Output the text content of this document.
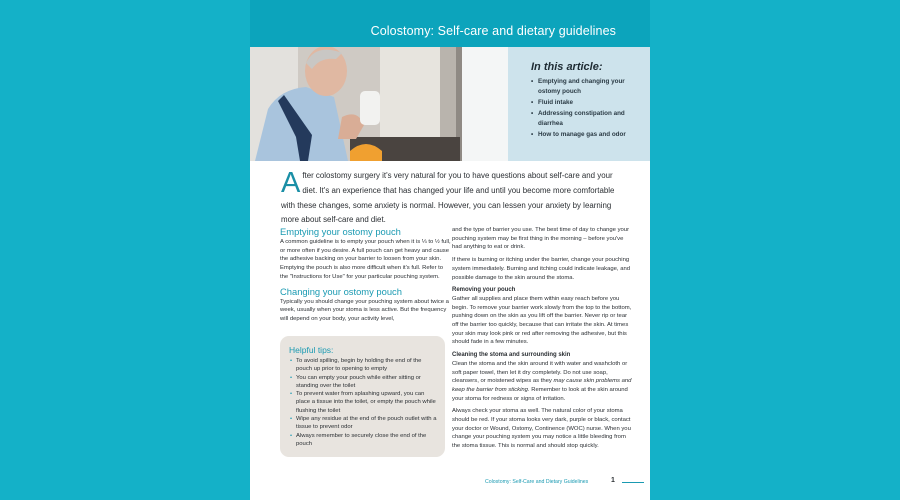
Colostomy: Self-care and dietary guidelines
In this article:
• Emptying and changing your ostomy pouch
• Fluid intake
• Addressing constipation and diarrhea
• How to manage gas and odor
After colostomy surgery it's very natural for you to have questions about self-care and your diet. It's an experience that has changed your life and until you become more comfortable with these changes, some anxiety is normal. However, you can lessen your anxiety by learning more about self-care and diet.
Emptying your ostomy pouch
A common guideline is to empty your pouch when it is ⅓ to ½ full, or more often if you desire. A full pouch can get heavy and cause the adhesive backing on your barrier to loosen from your skin. Emptying the pouch is also more difficult when it's full. Refer to the "Instructions for Use" for your particular pouching system.
Changing your ostomy pouch
Typically you should change your pouching system about twice a week, usually when your stoma is less active. But the frequency will depend on your body, your activity level,
Helpful tips:
• To avoid spilling, begin by holding the end of the pouch up prior to opening to empty
• You can empty your pouch while either sitting or standing over the toilet
• To prevent water from splashing upward, you can place a tissue into the toilet, or empty the pouch while flushing the toilet
• Wipe any residue at the end of the pouch outlet with a tissue to prevent odor
• Always remember to securely close the end of the pouch
and the type of barrier you use. The best time of day to change your pouching system may be first thing in the morning – before you've had anything to eat or drink.
If there is burning or itching under the barrier, change your pouching system immediately. Burning and itching could indicate leakage, and possible damage to the skin around the stoma.
Removing your pouch
Gather all supplies and place them within easy reach before you begin. To remove your barrier work slowly from the top to the bottom, pushing down on the skin as you lift off the barrier. Never rip or tear off the barrier too quickly, because that can irritate the skin. At times your skin may look pink or red after removing the adhesive, but this should fade in a few minutes.
Cleaning the stoma and surrounding skin
Clean the stoma and the skin around it with water and washcloth or soft paper towel, then let it dry completely. Do not use soap, cleansers, or moistened wipes as they may cause skin problems and keep the barrier from sticking. Remember to look at the skin around your stoma for redness or signs of irritation.
Always check your stoma as well. The natural color of your stoma should be red. If your stoma looks very dark, purple or black, contact your doctor or Wound, Ostomy, Continence (WOC) nurse. When you change your pouching system you may notice a little bleeding from the stoma tissue. This is normal and should stop quickly.
Colostomy: Self-Care and Dietary Guidelines	1
